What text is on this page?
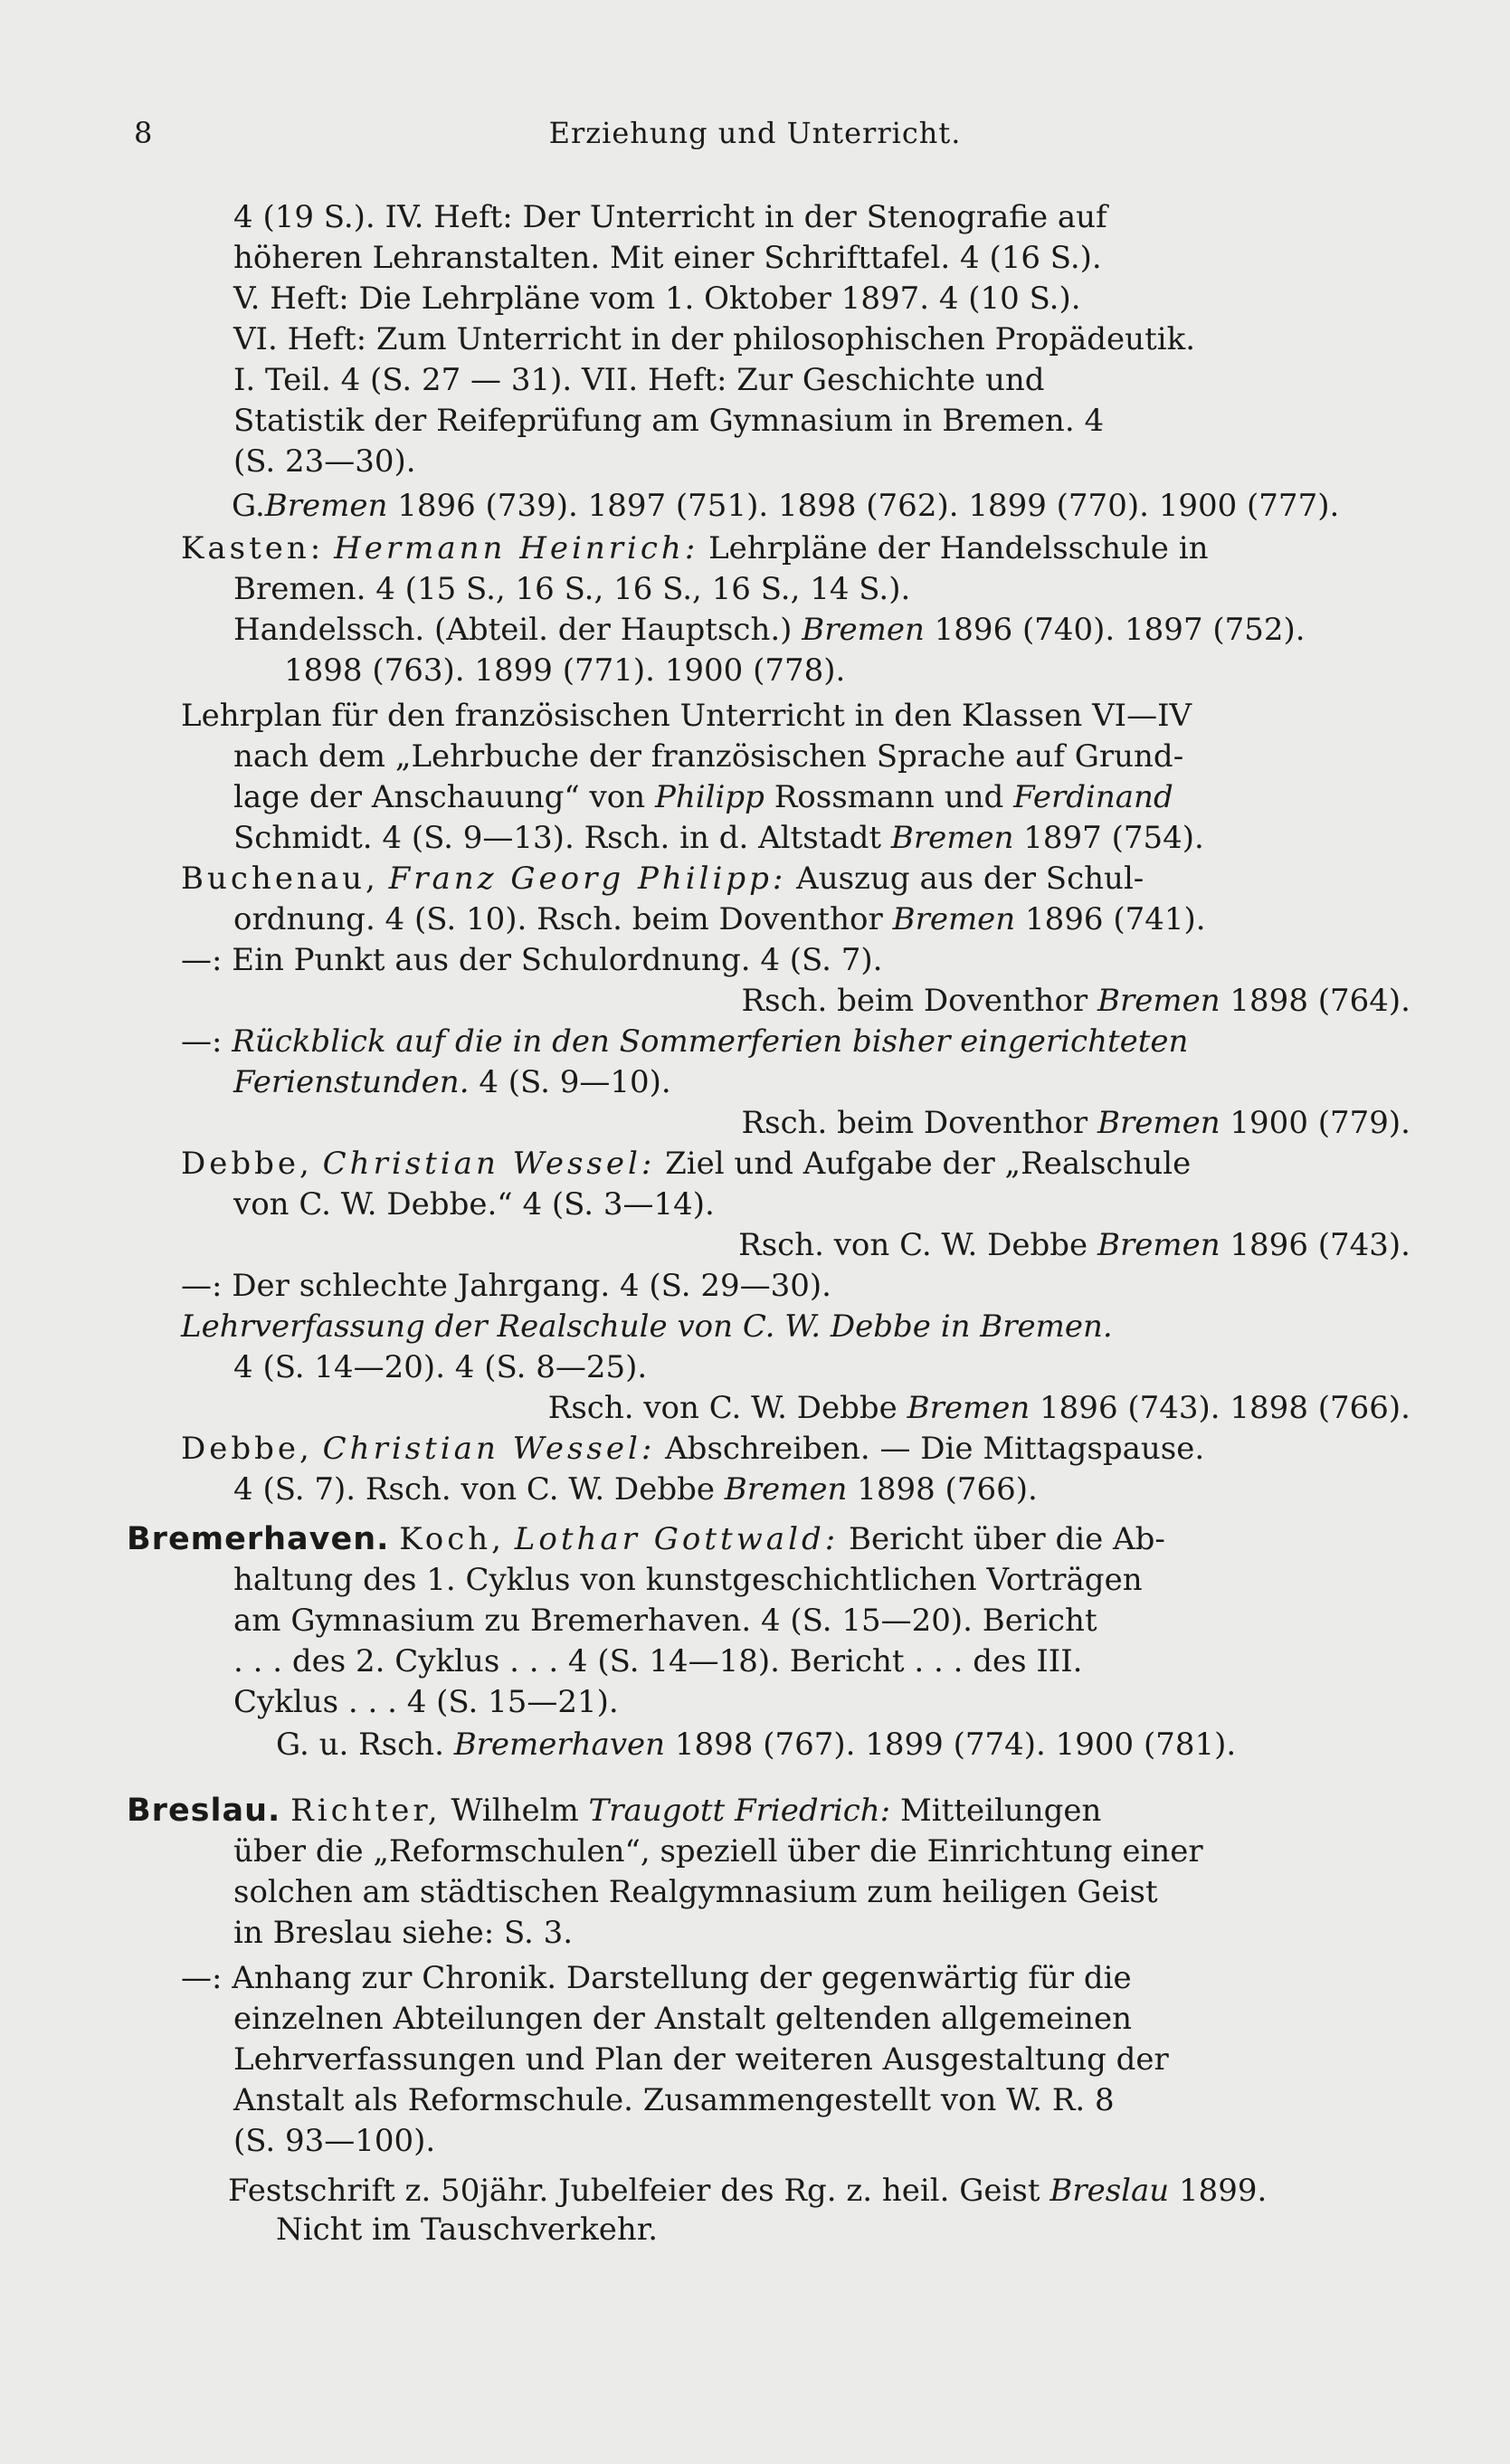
8	Erziehung und Unterricht.
4 (19 S.). IV. Heft: Der Unterricht in der Stenografie auf
höheren Lehranstalten. Mit einer Schrifttafel. 4 (16 S.).
V. Heft: Die Lehrpläne vom 1. Oktober 1897. 4 (10 S.).
VI. Heft: Zum Unterricht in der philosophischen Propädeutik.
I. Teil. 4 (S. 27 — 31). VII. Heft: Zur Geschichte und
Statistik der Reifeprüfung am Gymnasium in Bremen. 4
(S. 23—30).
G.Bremen 1896 (739). 1897 (751). 1898 (762). 1899 (770). 1900 (777).
Kasten: Hermann Heinrich: Lehrpläne der Handelsschule in
Bremen. 4 (15 S., 16 S., 16 S., 16 S., 14 S.).
Handelssch. (Abteil. der Hauptsch.) Bremen 1896 (740). 1897 (752).
1898 (763). 1899 (771). 1900 (778).
Lehrplan für den französischen Unterricht in den Klassen VI—IV
nach dem „Lehrbuche der französischen Sprache auf Grund-
lage der Anschauung“ von Philipp Rossmann und Ferdinand
Schmidt. 4 (S. 9—13). Rsch. in d. Altstadt Bremen 1897 (754).
Buchenau, Franz Georg Philipp: Auszug aus der Schul-
ordnung. 4 (S. 10). Rsch. beim Doventhor Bremen 1896 (741).
—: Ein Punkt aus der Schulordnung. 4 (S. 7).
Rsch. beim Doventhor Bremen 1898 (764).
—: Rückblick auf die in den Sommerferien bisher eingerichteten
Ferienstunden. 4 (S. 9—10).
Rsch. beim Doventhor Bremen 1900 (779).
Debbe, Christian Wessel: Ziel und Aufgabe der „Realschule
von C. W. Debbe.“ 4 (S. 3—14).
Rsch. von C. W. Debbe Bremen 1896 (743).
—: Der schlechte Jahrgang. 4 (S. 29—30).
Lehrverfassung der Realschule von C. W. Debbe in Bremen.
4 (S. 14—20). 4 (S. 8—25).
Rsch. von C. W. Debbe Bremen 1896 (743). 1898 (766).
Debbe, Christian Wessel: Abschreiben. — Die Mittagspause.
4 (S. 7). Rsch. von C. W. Debbe Bremen 1898 (766).
Bremerhaven. Koch, Lothar Gottwald: Bericht über die Ab-
haltung des 1. Cyklus von kunstgeschichtlichen Vorträgen
am Gymnasium zu Bremerhaven. 4 (S. 15—20). Bericht
. . . des 2. Cyklus . . . 4 (S. 14—18). Bericht . . . des III.
Cyklus . . . 4 (S. 15—21).
G. u. Rsch. Bremerhaven 1898 (767). 1899 (774). 1900 (781).
Breslau. Richter, Wilhelm Traugott Friedrich: Mitteilungen
über die „Reformschulen“, speziell über die Einrichtung einer
solchen am städtischen Realgymnasium zum heiligen Geist
in Breslau siehe: S. 3.
—: Anhang zur Chronik. Darstellung der gegenwärtig für die
einzelnen Abteilungen der Anstalt geltenden allgemeinen
Lehrverfassungen und Plan der weiteren Ausgestaltung der
Anstalt als Reformschule. Zusammengestellt von W. R. 8
(S. 93—100).
Festschrift z. 50jähr. Jubelfeier des Rg. z. heil. Geist Breslau 1899.
Nicht im Tauschverkehr.
